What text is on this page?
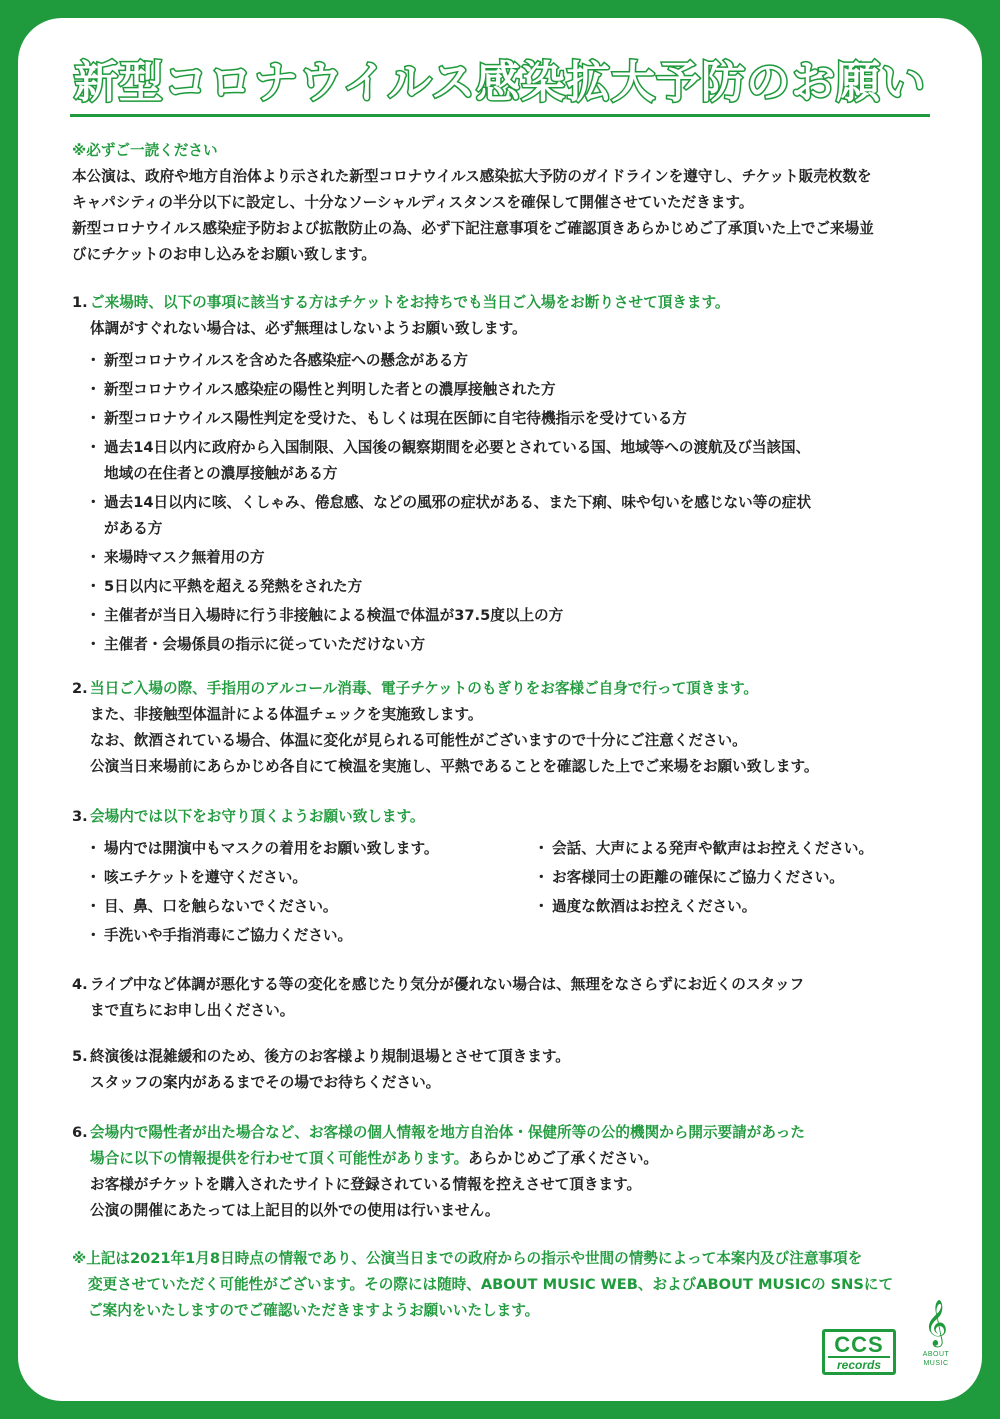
新型コロナウイルス感染拡大予防のお願い

※必ずご一読ください

本公演は、政府や地方自治体より示された新型コロナウイルス感染拡大予防のガイドラインを遵守し、チケット販売枚数を

キャパシティの半分以下に設定し、十分なソーシャルディスタンスを確保して開催させていただきます。

新型コロナウイルス感染症予防および拡散防止の為、必ず下記注意事項をご確認頂きあらかじめご了承頂いた上でご来場並

びにチケットのお申し込みをお願い致します。

1. ご来場時、以下の事項に該当する方はチケットをお持ちでも当日ご入場をお断りさせて頂きます。

体調がすぐれない場合は、必ず無理はしないようお願い致します。

・ 新型コロナウイルスを含めた各感染症への懸念がある方
・ 新型コロナウイルス感染症の陽性と判明した者との濃厚接触された方
・ 新型コロナウイルス陽性判定を受けた、もしくは現在医師に自宅待機指示を受けている方
・ 過去14日以内に政府から入国制限、入国後の観察期間を必要とされている国、地域等への渡航及び当該国、
地域の在住者との濃厚接触がある方
・ 過去14日以内に咳、くしゃみ、倦怠感、などの風邪の症状がある、また下痢、味や匂いを感じない等の症状
がある方
・ 来場時マスク無着用の方
・ 5日以内に平熱を超える発熱をされた方
・ 主催者が当日入場時に行う非接触による検温で体温が37.5度以上の方
・ 主催者・会場係員の指示に従っていただけない方

2. 当日ご入場の際、手指用のアルコール消毒、電子チケットのもぎりをお客様ご自身で行って頂きます。

また、非接触型体温計による体温チェックを実施致します。

なお、飲酒されている場合、体温に変化が見られる可能性がございますので十分にご注意ください。

公演当日来場前にあらかじめ各自にて検温を実施し、平熱であることを確認した上でご来場をお願い致します。

3. 会場内では以下をお守り頂くようお願い致します。

・ 場内では開演中もマスクの着用をお願い致します。
・ 咳エチケットを遵守ください。
・ 目、鼻、口を触らないでください。
・ 手洗いや手指消毒にご協力ください。
・ 会話、大声による発声や歓声はお控えください。
・ お客様同士の距離の確保にご協力ください。
・ 過度な飲酒はお控えください。

4. ライブ中など体調が悪化する等の変化を感じたり気分が優れない場合は、無理をなさらずにお近くのスタッフ

まで直ちにお申し出ください。

5. 終演後は混雑緩和のため、後方のお客様より規制退場とさせて頂きます。

スタッフの案内があるまでその場でお待ちください。

6. 会場内で陽性者が出た場合など、お客様の個人情報を地方自治体・保健所等の公的機関から開示要請があった

場合に以下の情報提供を行わせて頂く可能性があります。あらかじめご了承ください。

お客様がチケットを購入されたサイトに登録されている情報を控えさせて頂きます。

公演の開催にあたっては上記目的以外での使用は行いません。

※上記は2021年1月8日時点の情報であり、公演当日までの政府からの指示や世間の情勢によって本案内及び注意事項を

変更させていただく可能性がございます。その際には随時、ABOUT MUSIC WEB、およびABOUT MUSICの SNSにて

ご案内をいたしますのでご確認いただきますようお願いいたします。

CCS
records
𝄞
ABOUT
MUSIC
